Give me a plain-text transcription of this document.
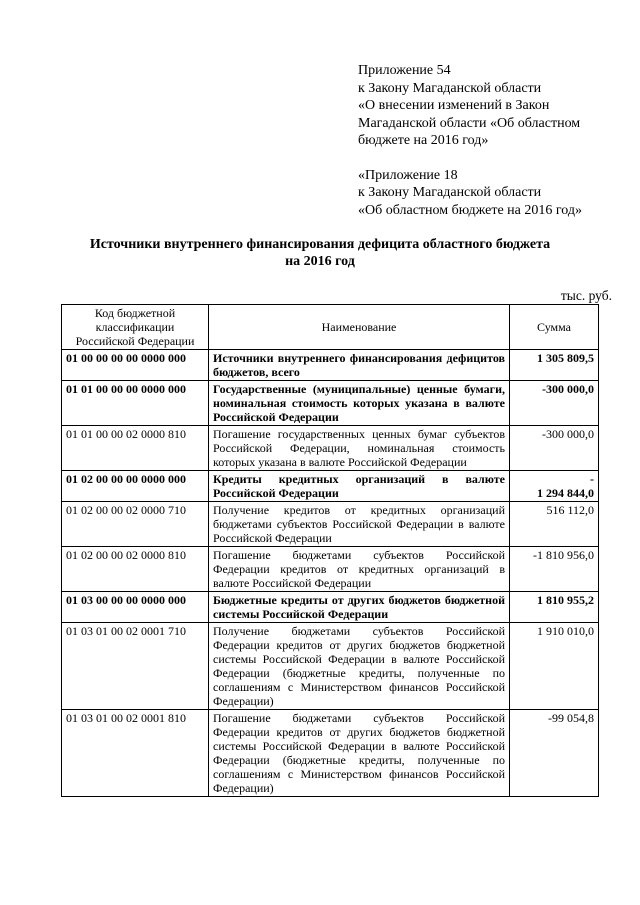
Приложение 54
к Закону Магаданской области
«О внесении изменений в Закон
Магаданской области «Об областном
бюджете на 2016 год»
«Приложение 18
к Закону Магаданской области
«Об областном бюджете на 2016 год»
Источники внутреннего финансирования дефицита областного бюджета
на 2016 год
тыс. руб.
Код бюджетной классификации Российской Федерации	Наименование	Сумма
01 00 00 00 00 0000 000	Источники внутреннего финансирования дефицитов бюджетов, всего	1 305 809,5
01 01 00 00 00 0000 000	Государственные (муниципальные) ценные бумаги, номинальная стоимость которых указана в валюте Российской Федерации	-300 000,0
01 01 00 00 02 0000 810	Погашение государственных ценных бумаг субъектов Российской Федерации, номинальная стоимость которых указана в валюте Российской Федерации	-300 000,0
01 02 00 00 00 0000 000	Кредиты кредитных организаций в валюте Российской Федерации	-
1 294 844,0
01 02 00 00 02 0000 710	Получение кредитов от кредитных организаций бюджетами субъектов Российской Федерации в валюте Российской Федерации	516 112,0
01 02 00 00 02 0000 810	Погашение бюджетами субъектов Российской Федерации кредитов от кредитных организаций в валюте Российской Федерации	-1 810 956,0
01 03 00 00 00 0000 000	Бюджетные кредиты от других бюджетов бюджетной системы Российской Федерации	1 810 955,2
01 03 01 00 02 0001 710	Получение бюджетами субъектов Российской Федерации кредитов от других бюджетов бюджетной системы Российской Федерации в валюте Российской Федерации (бюджетные кредиты, полученные по соглашениям с Министерством финансов Российской Федерации)	1 910 010,0
01 03 01 00 02 0001 810	Погашение бюджетами субъектов Российской Федерации кредитов от других бюджетов бюджетной системы Российской Федерации в валюте Российской Федерации (бюджетные кредиты, полученные по соглашениям с Министерством финансов Российской Федерации)	-99 054,8
